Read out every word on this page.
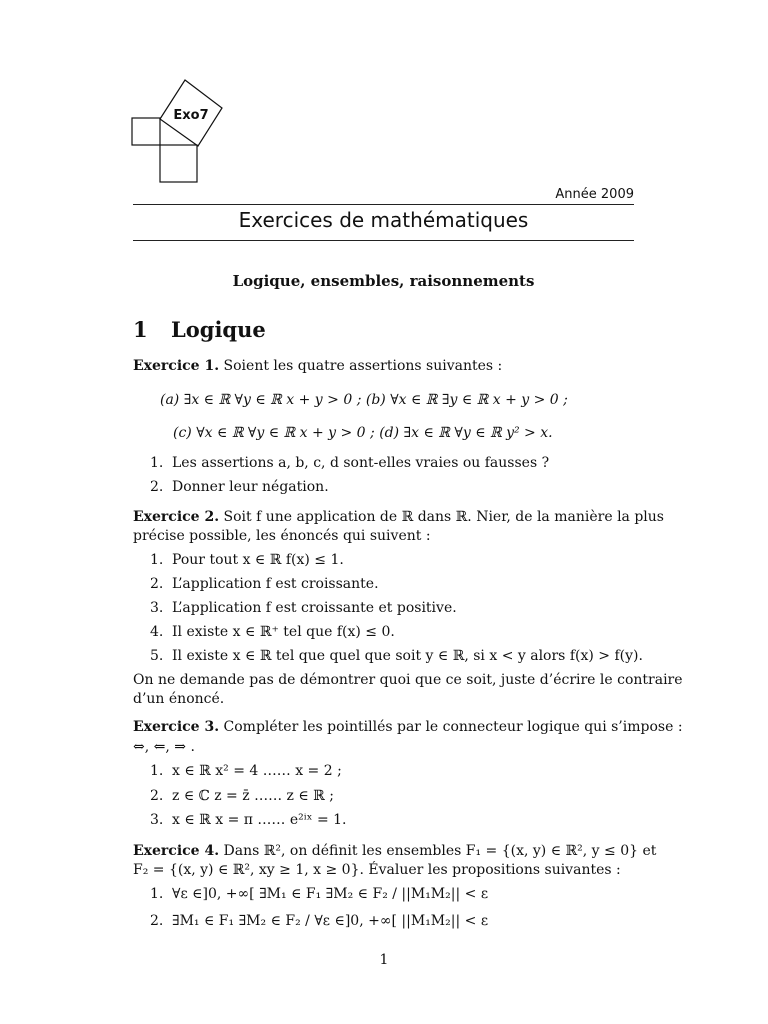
Exo7
Année 2009
Exercices de mathématiques
Logique, ensembles, raisonnements
1 Logique
Exercice 1. Soient les quatre assertions suivantes :
(a) ∃x ∈ ℝ ∀y ∈ ℝ x + y > 0 ; (b) ∀x ∈ ℝ ∃y ∈ ℝ x + y > 0 ;
(c) ∀x ∈ ℝ ∀y ∈ ℝ x + y > 0 ; (d) ∃x ∈ ℝ ∀y ∈ ℝ y² > x.
1. Les assertions a, b, c, d sont-elles vraies ou fausses ?
2. Donner leur négation.
Exercice 2. Soit f une application de ℝ dans ℝ. Nier, de la manière la plus
précise possible, les énoncés qui suivent :
1. Pour tout x ∈ ℝ f(x) ≤ 1.
2. L’application f est croissante.
3. L’application f est croissante et positive.
4. Il existe x ∈ ℝ⁺ tel que f(x) ≤ 0.
5. Il existe x ∈ ℝ tel que quel que soit y ∈ ℝ, si x < y alors f(x) > f(y).
On ne demande pas de démontrer quoi que ce soit, juste d’écrire le contraire
d’un énoncé.
Exercice 3. Compléter les pointillés par le connecteur logique qui s’impose :
⇔, ⇐, ⇒ .
1. x ∈ ℝ x² = 4 …… x = 2 ;
2. z ∈ ℂ z = z̄ …… z ∈ ℝ ;
3. x ∈ ℝ x = π …… e²ⁱˣ = 1.
Exercice 4. Dans ℝ², on définit les ensembles F₁ = {(x, y) ∈ ℝ², y ≤ 0} et
F₂ = {(x, y) ∈ ℝ², xy ≥ 1, x ≥ 0}. Évaluer les propositions suivantes :
1. ∀ε ∈]0, +∞[ ∃M₁ ∈ F₁ ∃M₂ ∈ F₂ / ||M₁M₂|| < ε
2. ∃M₁ ∈ F₁ ∃M₂ ∈ F₂ / ∀ε ∈]0, +∞[ ||M₁M₂|| < ε
1
